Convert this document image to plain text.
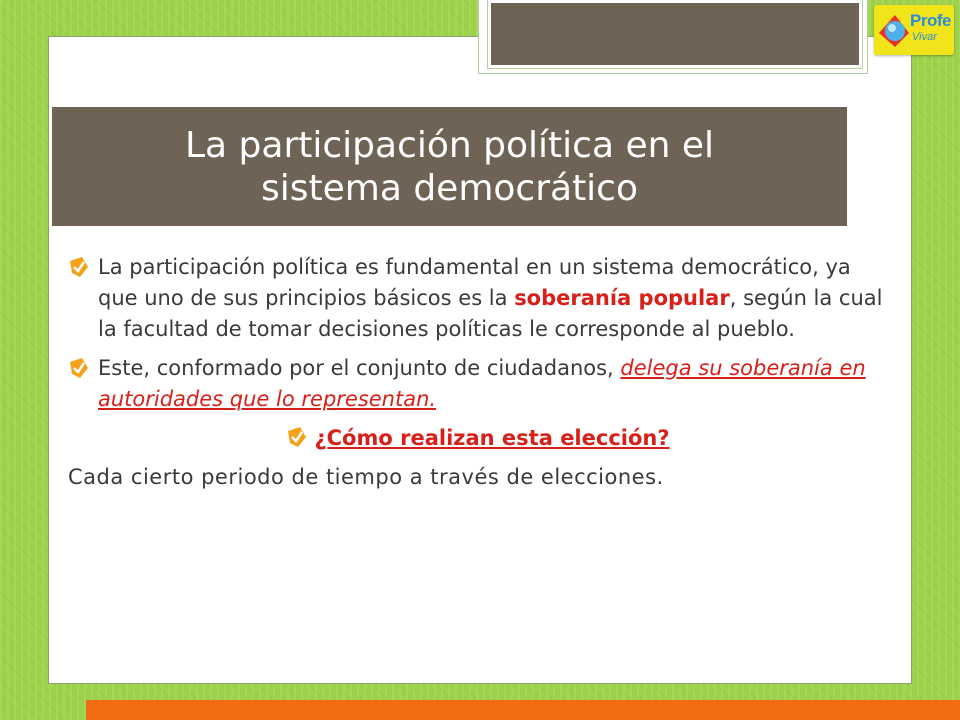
Profe
Vivar
La participación política en el
sistema democrático

La participación política es fundamental en un sistema democrático, ya que uno de sus principios básicos es la soberanía popular, según la cual la facultad de tomar decisiones políticas le corresponde al pueblo.

Este, conformado por el conjunto de ciudadanos, delega su soberanía en autoridades que lo representan.

¿Cómo realizan esta elección?

Cada cierto periodo de tiempo a través de elecciones.
